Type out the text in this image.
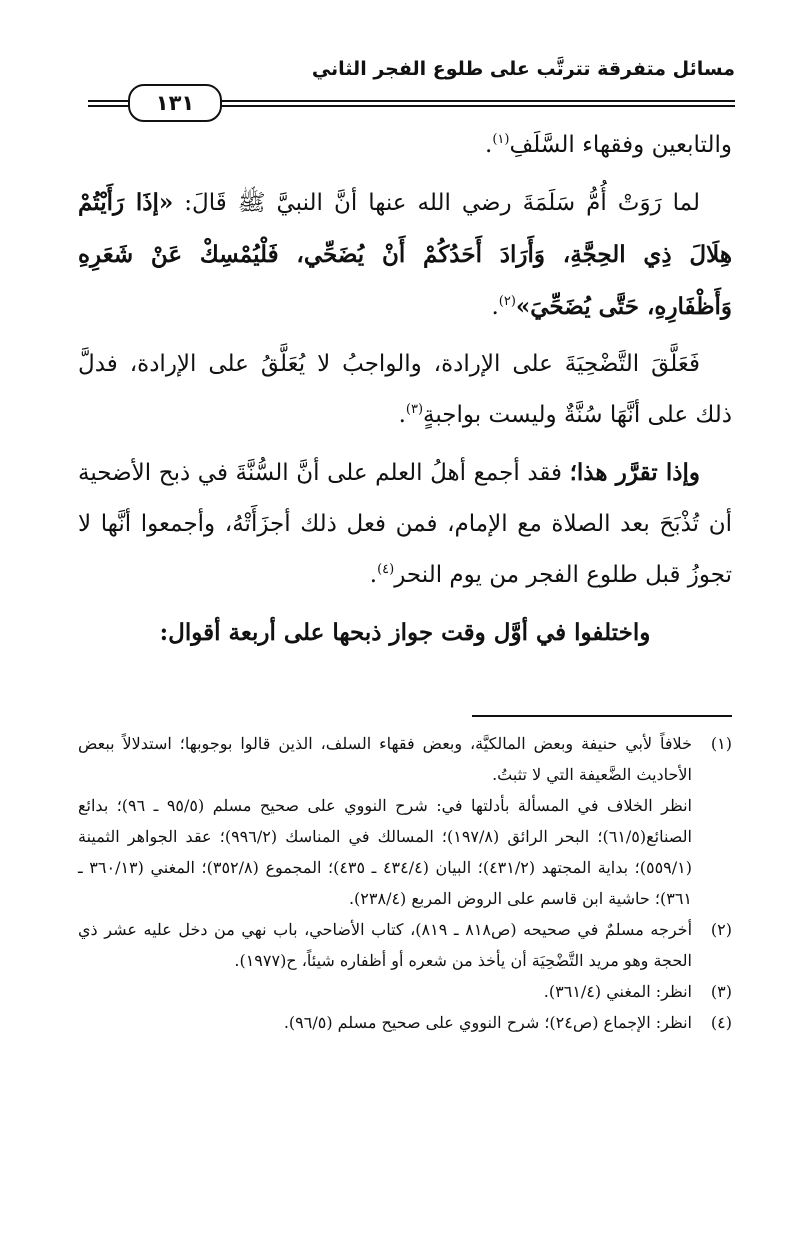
مسائل متفرقة تترتَّب على طلوع الفجر الثاني
١٣١

والتابعين وفقهاء السَّلَفِ$^{(١)}$.

لما رَوَتْ أُمُّ سَلَمَةَ رضي الله عنها أنَّ النبيَّ ﷺ قَالَ: «إذَا رَأَيْتُمْ هِلَالَ ذِي الحِجَّةِ، وَأَرَادَ أَحَدُكُمْ أَنْ يُضَحِّي، فَلْيُمْسِكْ عَنْ شَعَرِهِ وَأَظْفَارِهِ، حَتَّى يُضَحِّيَ»$^{(٢)}$.

فَعَلَّقَ التَّضْحِيَةَ على الإرادة، والواجبُ لا يُعَلَّقُ على الإرادة، فدلَّ ذلك على أنَّهَا سُنَّةٌ وليست بواجبةٍ$^{(٣)}$.

وإذا تقرَّر هذا؛ فقد أجمع أهلُ العلم على أنَّ السُّنَّةَ في ذبح الأضحية أن تُذْبَحَ بعد الصلاة مع الإمام، فمن فعل ذلك أجزَأَتْهُ، وأجمعوا أنَّها لا تجوزُ قبل طلوع الفجر من يوم النحر$^{(٤)}$.

واختلفوا في أوَّل وقت جواز ذبحها على أربعة أقوال:

(١)

خلافاً لأبي حنيفة وبعض المالكيَّة، وبعض فقهاء السلف، الذين قالوا بوجوبها؛ استدلالاً ببعض الأحاديث الضَّعيفة التي لا تثبتُ.

انظر الخلاف في المسألة بأدلتها في: شرح النووي على صحيح مسلم (٩٥/٥ ـ ٩٦)؛ بدائع الصنائع(٦١/٥)؛ البحر الرائق (١٩٧/٨)؛ المسالك في المناسك (٩٩٦/٢)؛ عقد الجواهر الثمينة (٥٥٩/١)؛ بداية المجتهد (٤٣١/٢)؛ البيان (٤٣٤/٤ ـ ٤٣٥)؛ المجموع (٣٥٢/٨)؛ المغني (٣٦٠/١٣ ـ ٣٦١)؛ حاشية ابن قاسم على الروض المربع (٢٣٨/٤).

(٢)

أخرجه مسلمٌ في صحيحه (ص٨١٨ ـ ٨١٩)، كتاب الأضاحي، باب نهي من دخل عليه عشر ذي الحجة وهو مريد التَّضْحِيَة أن يأخذ من شعره أو أظفاره شيئاً، ح(١٩٧٧).

(٣)

انظر: المغني (٣٦١/٤).

(٤)

انظر: الإجماع (ص٢٤)؛ شرح النووي على صحيح مسلم (٩٦/٥).
